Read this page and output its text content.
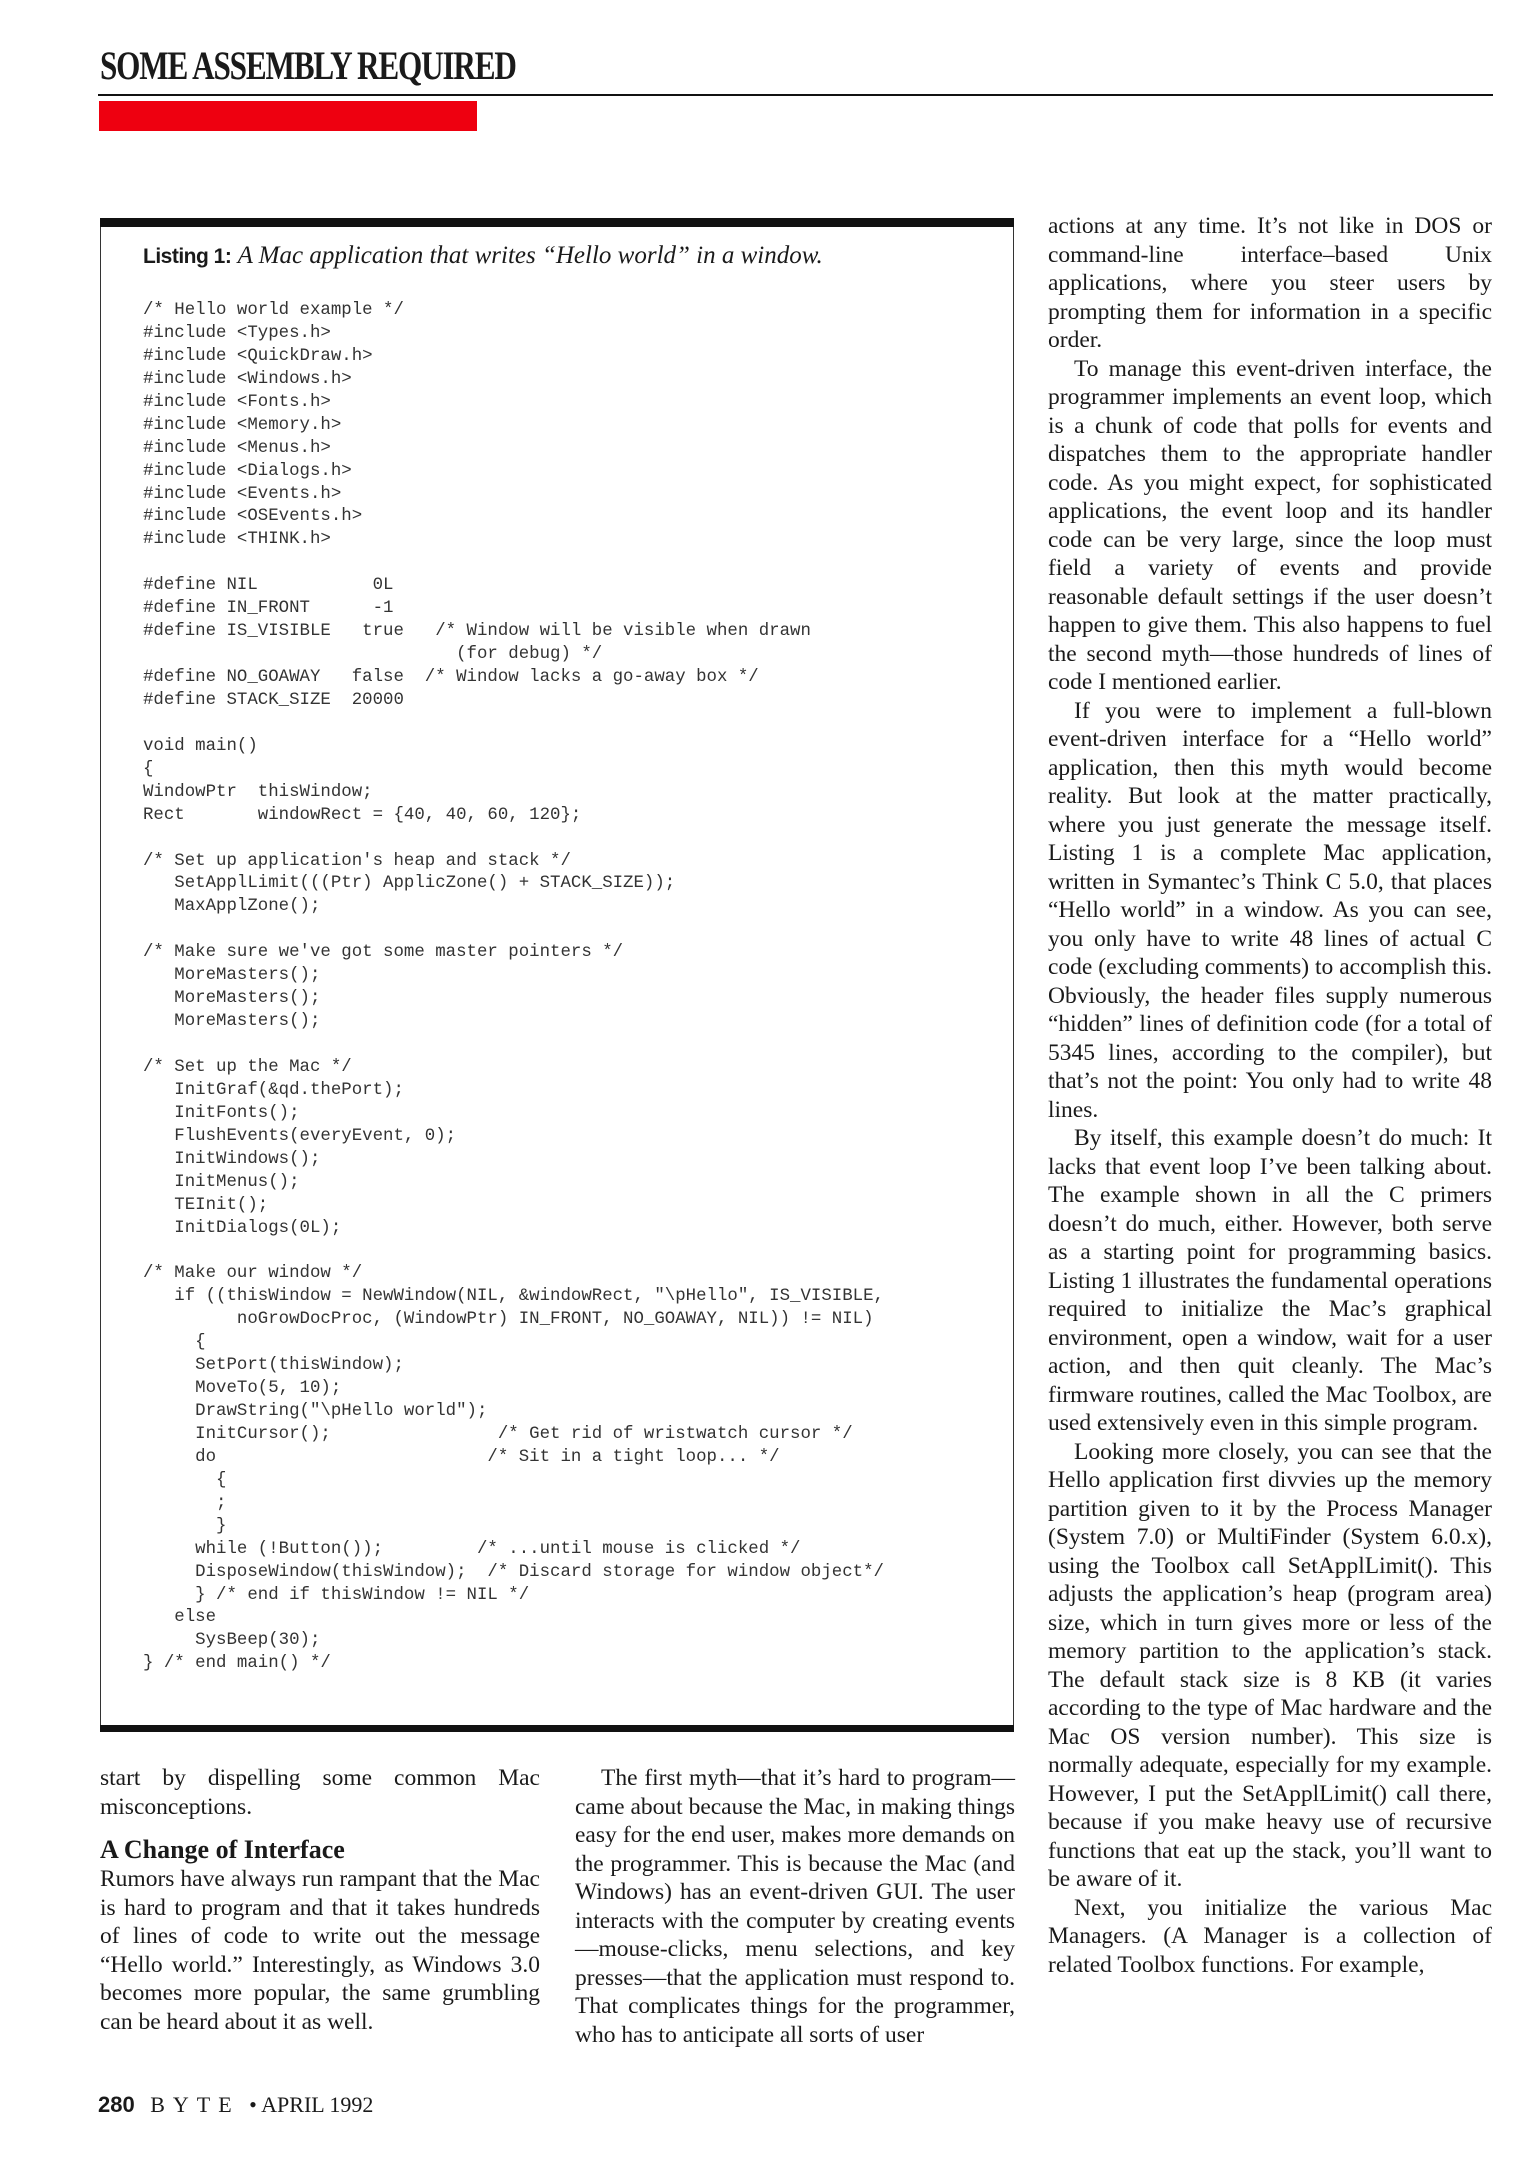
SOME ASSEMBLY REQUIRED
Listing 1: A Mac application that writes “Hello world” in a window.
/* Hello world example */
#include <Types.h>
#include <QuickDraw.h>
#include <Windows.h>
#include <Fonts.h>
#include <Memory.h>
#include <Menus.h>
#include <Dialogs.h>
#include <Events.h>
#include <OSEvents.h>
#include <THINK.h>
#define NIL           0L
#define IN_FRONT      -1
#define IS_VISIBLE   true   /* Window will be visible when drawn
(for debug) */
#define NO_GOAWAY   false  /* Window lacks a go-away box */
#define STACK_SIZE  20000
void main()
{
WindowPtr  thisWindow;
Rect       windowRect = {40, 40, 60, 120};
/* Set up application's heap and stack */
SetApplLimit(((Ptr) ApplicZone() + STACK_SIZE));
MaxApplZone();
/* Make sure we've got some master pointers */
MoreMasters();
MoreMasters();
MoreMasters();
/* Set up the Mac */
InitGraf(&qd.thePort);
InitFonts();
FlushEvents(everyEvent, 0);
InitWindows();
InitMenus();
TEInit();
InitDialogs(0L);
/* Make our window */
if ((thisWindow = NewWindow(NIL, &windowRect, "\pHello", IS_VISIBLE,
noGrowDocProc, (WindowPtr) IN_FRONT, NO_GOAWAY, NIL)) != NIL)
{
SetPort(thisWindow);
MoveTo(5, 10);
DrawString("\pHello world");
InitCursor();                /* Get rid of wristwatch cursor */
do                          /* Sit in a tight loop... */
{
;
}
while (!Button());         /* ...until mouse is clicked */
DisposeWindow(thisWindow);  /* Discard storage for window object*/
} /* end if thisWindow != NIL */
else
SysBeep(30);
} /* end main() */

start by dispelling some common Mac misconceptions.

A Change of Interface

Rumors have always run rampant that the Mac is hard to program and that it takes hundreds of lines of code to write out the message “Hello world.” Interestingly, as Windows 3.0 becomes more popular, the same grumbling can be heard about it as well.

The first myth—that it’s hard to program—came about because the Mac, in making things easy for the end user, makes more demands on the programmer. This is because the Mac (and Windows) has an event-driven GUI. The user interacts with the computer by creating events—mouse-clicks, menu selections, and key presses—that the application must respond to. That complicates things for the programmer, who has to anticipate all sorts of user

actions at any time. It’s not like in DOS or command-line interface–based Unix applications, where you steer users by prompting them for information in a specific order.

To manage this event-driven interface, the programmer implements an event loop, which is a chunk of code that polls for events and dispatches them to the appropriate handler code. As you might expect, for sophisticated applications, the event loop and its handler code can be very large, since the loop must field a variety of events and provide reasonable default settings if the user doesn’t happen to give them. This also happens to fuel the second myth—those hundreds of lines of code I mentioned earlier.

If you were to implement a full-blown event-driven interface for a “Hello world” application, then this myth would become reality. But look at the matter practically, where you just generate the message itself. Listing 1 is a complete Mac application, written in Symantec’s Think C 5.0, that places “Hello world” in a window. As you can see, you only have to write 48 lines of actual C code (excluding comments) to accomplish this. Obviously, the header files supply numerous “hidden” lines of definition code (for a total of 5345 lines, according to the compiler), but that’s not the point: You only had to write 48 lines.

By itself, this example doesn’t do much: It lacks that event loop I’ve been talking about. The example shown in all the C primers doesn’t do much, either. However, both serve as a starting point for programming basics. Listing 1 illustrates the fundamental operations required to initialize the Mac’s graphical environment, open a window, wait for a user action, and then quit cleanly. The Mac’s firmware routines, called the Mac Toolbox, are used extensively even in this simple program.

Looking more closely, you can see that the Hello application first divvies up the memory partition given to it by the Process Manager (System 7.0) or MultiFinder (System 6.0.x), using the Toolbox call SetApplLimit(). This adjusts the application’s heap (program area) size, which in turn gives more or less of the memory partition to the application’s stack. The default stack size is 8 KB (it varies according to the type of Mac hardware and the Mac OS version number). This size is normally adequate, especially for my example. However, I put the SetApplLimit() call there, because if you make heavy use of recursive functions that eat up the stack, you’ll want to be aware of it.

Next, you initialize the various Mac Managers. (A Manager is a collection of related Toolbox functions. For example,

280 BYTE • APRIL 1992
